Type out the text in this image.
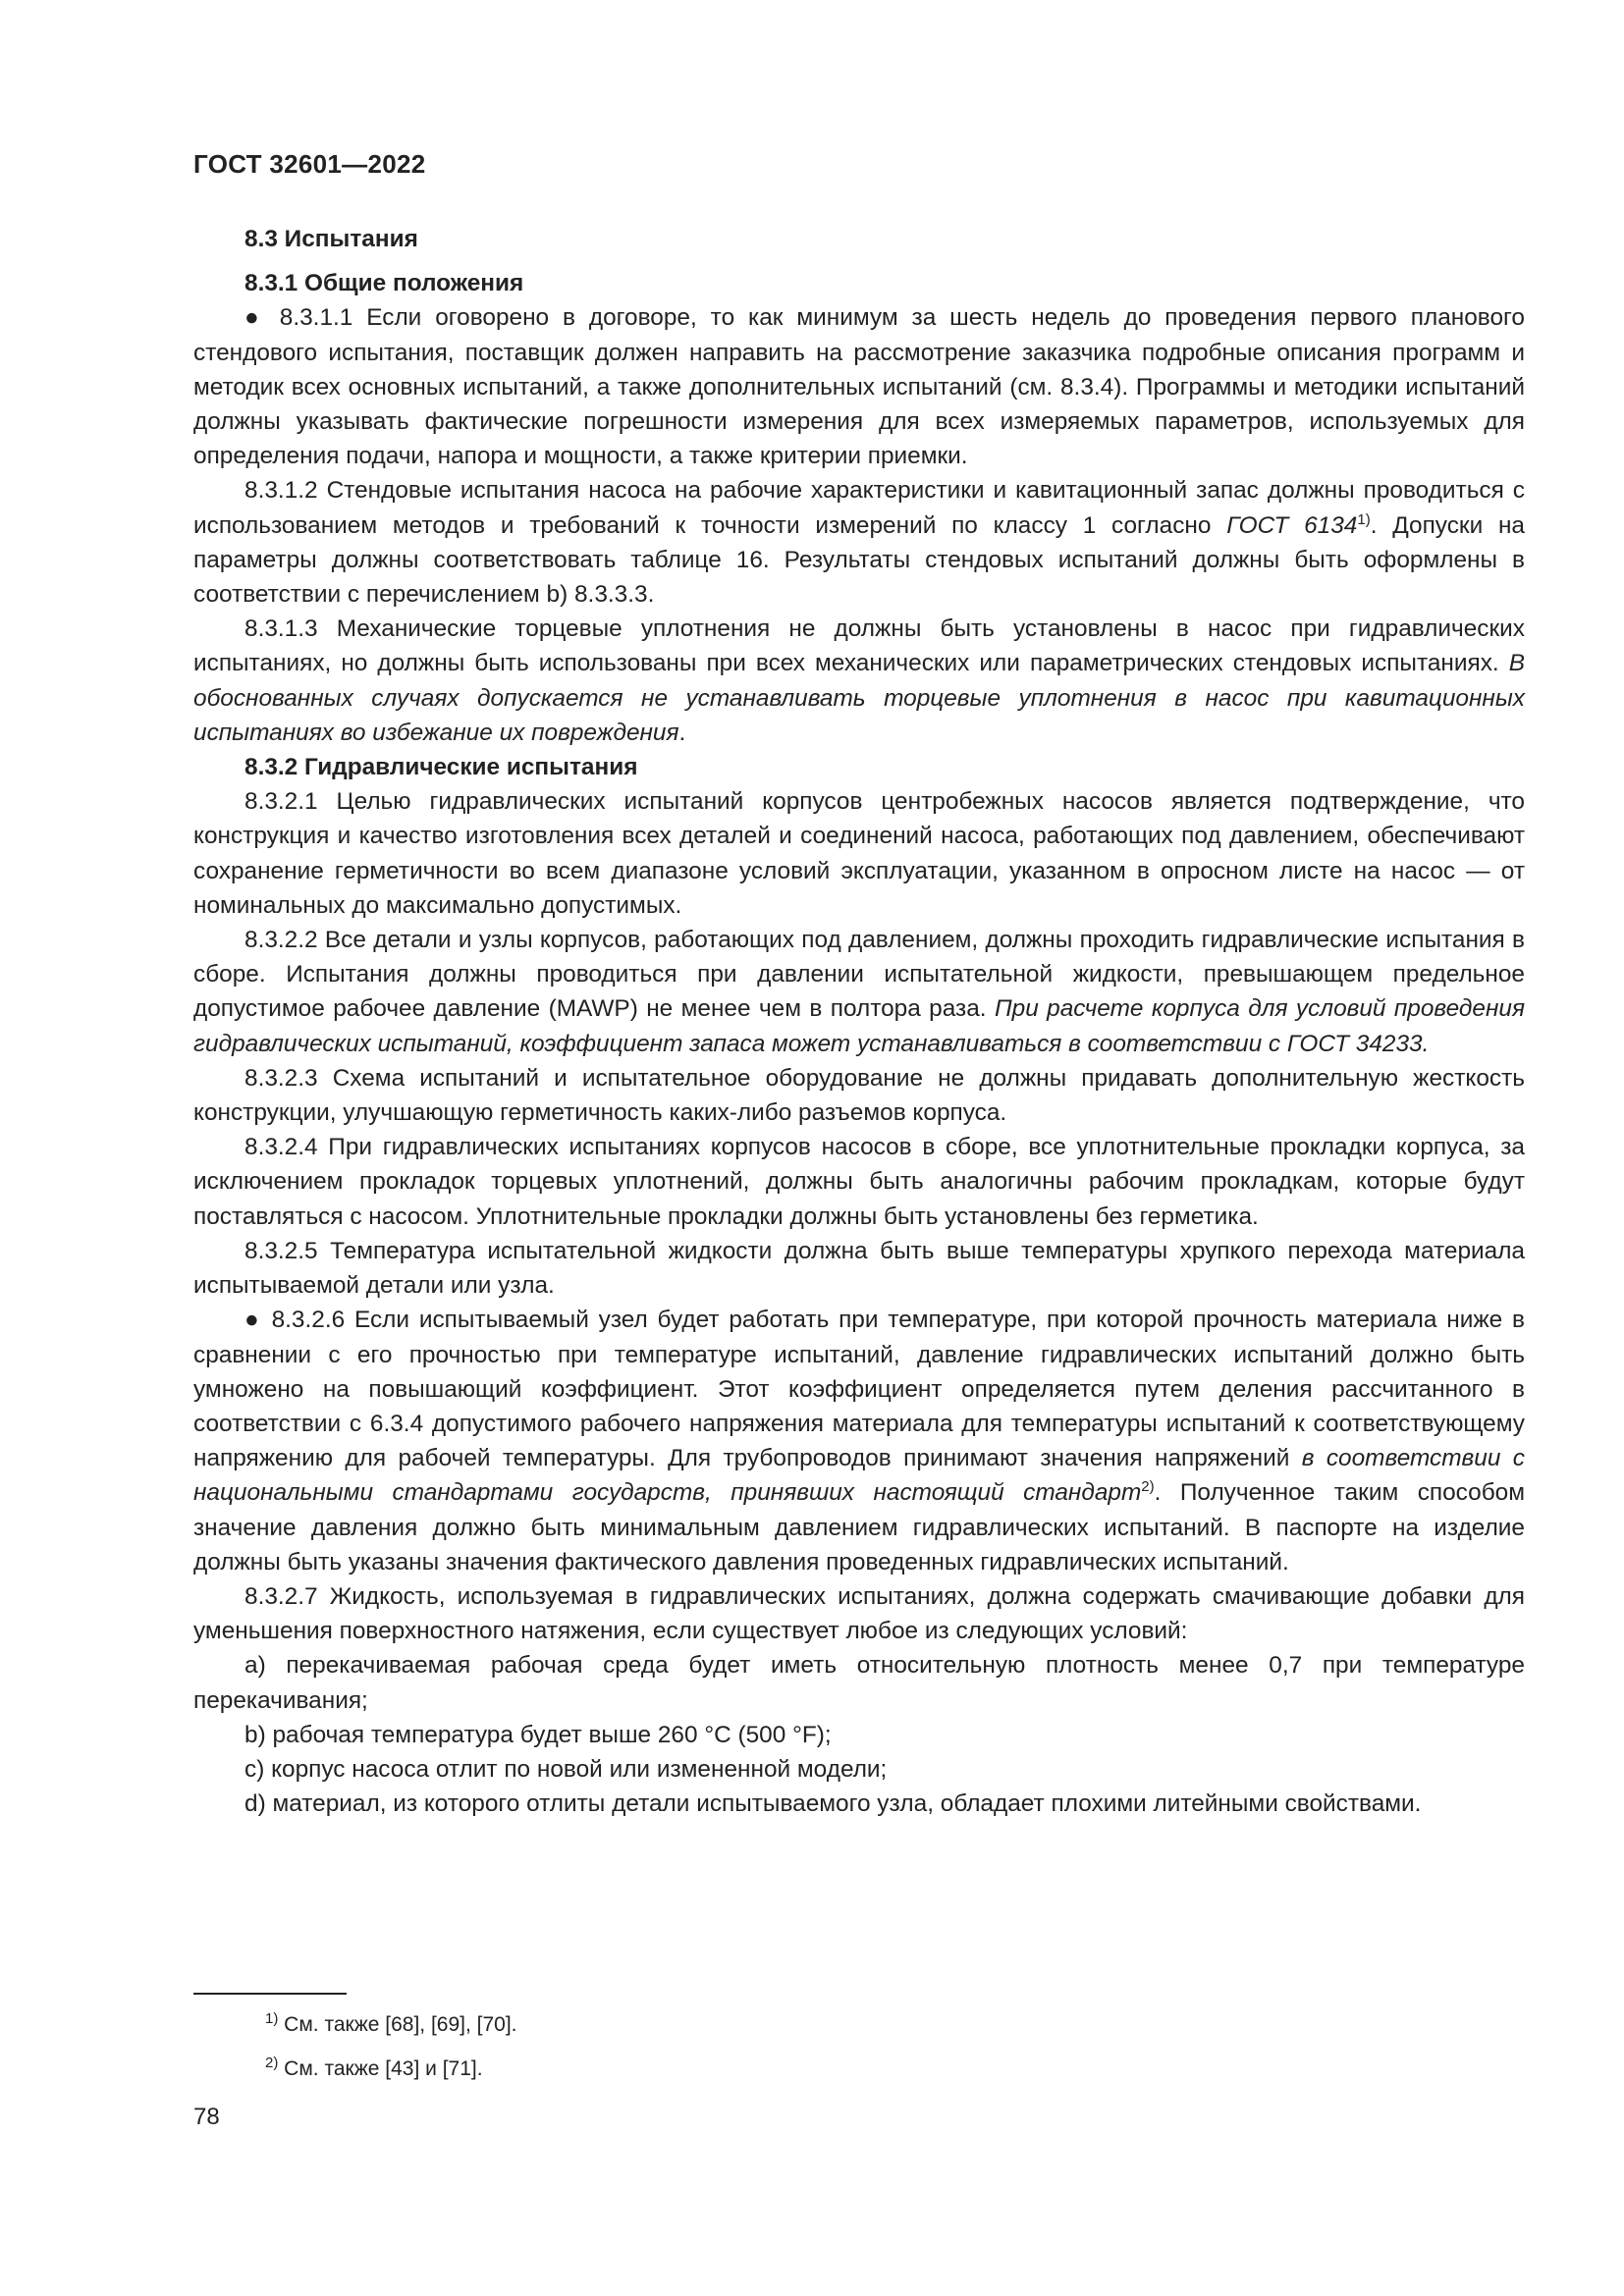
ГОСТ 32601—2022
8.3 Испытания
8.3.1 Общие положения

● 8.3.1.1 Если оговорено в договоре, то как минимум за шесть недель до проведения первого планового стендового испытания, поставщик должен направить на рассмотрение заказчика подробные описания программ и методик всех основных испытаний, а также дополнительных испытаний (см. 8.3.4). Программы и методики испытаний должны указывать фактические погрешности измерения для всех измеряемых параметров, используемых для определения подачи, напора и мощности, а также критерии приемки.

8.3.1.2 Стендовые испытания насоса на рабочие характеристики и кавитационный запас должны проводиться с использованием методов и требований к точности измерений по классу 1 согласно ГОСТ 6134$^{1)}$. Допуски на параметры должны соответствовать таблице 16. Результаты стендовых испытаний должны быть оформлены в соответствии с перечислением b) 8.3.3.3.

8.3.1.3 Механические торцевые уплотнения не должны быть установлены в насос при гидравлических испытаниях, но должны быть использованы при всех механических или параметрических стендовых испытаниях. В обоснованных случаях допускается не устанавливать торцевые уплотнения в насос при кавитационных испытаниях во избежание их повреждения.

8.3.2 Гидравлические испытания

8.3.2.1 Целью гидравлических испытаний корпусов центробежных насосов является подтверждение, что конструкция и качество изготовления всех деталей и соединений насоса, работающих под давлением, обеспечивают сохранение герметичности во всем диапазоне условий эксплуатации, указанном в опросном листе на насос — от номинальных до максимально допустимых.

8.3.2.2 Все детали и узлы корпусов, работающих под давлением, должны проходить гидравлические испытания в сборе. Испытания должны проводиться при давлении испытательной жидкости, превышающем предельное допустимое рабочее давление (MAWP) не менее чем в полтора раза. При расчете корпуса для условий проведения гидравлических испытаний, коэффициент запаса может устанавливаться в соответствии с ГОСТ 34233.

8.3.2.3 Схема испытаний и испытательное оборудование не должны придавать дополнительную жесткость конструкции, улучшающую герметичность каких-либо разъемов корпуса.

8.3.2.4 При гидравлических испытаниях корпусов насосов в сборе, все уплотнительные прокладки корпуса, за исключением прокладок торцевых уплотнений, должны быть аналогичны рабочим прокладкам, которые будут поставляться с насосом. Уплотнительные прокладки должны быть установлены без герметика.

8.3.2.5 Температура испытательной жидкости должна быть выше температуры хрупкого перехода материала испытываемой детали или узла.

● 8.3.2.6 Если испытываемый узел будет работать при температуре, при которой прочность материала ниже в сравнении с его прочностью при температуре испытаний, давление гидравлических испытаний должно быть умножено на повышающий коэффициент. Этот коэффициент определяется путем деления рассчитанного в соответствии с 6.3.4 допустимого рабочего напряжения материала для температуры испытаний к соответствующему напряжению для рабочей температуры. Для трубопроводов принимают значения напряжений в соответствии с национальными стандартами государств, принявших настоящий стандарт$^{2)}$. Полученное таким способом значение давления должно быть минимальным давлением гидравлических испытаний. В паспорте на изделие должны быть указаны значения фактического давления проведенных гидравлических испытаний.

8.3.2.7 Жидкость, используемая в гидравлических испытаниях, должна содержать смачивающие добавки для уменьшения поверхностного натяжения, если существует любое из следующих условий:

а) перекачиваемая рабочая среда будет иметь относительную плотность менее 0,7 при температуре перекачивания;

b) рабочая температура будет выше 260 °С (500 °F);

с) корпус насоса отлит по новой или измененной модели;

d) материал, из которого отлиты детали испытываемого узла, обладает плохими литейными свойствами.

$^{1)}$ См. также [68], [69], [70].
$^{2)}$ См. также [43] и [71].
78
